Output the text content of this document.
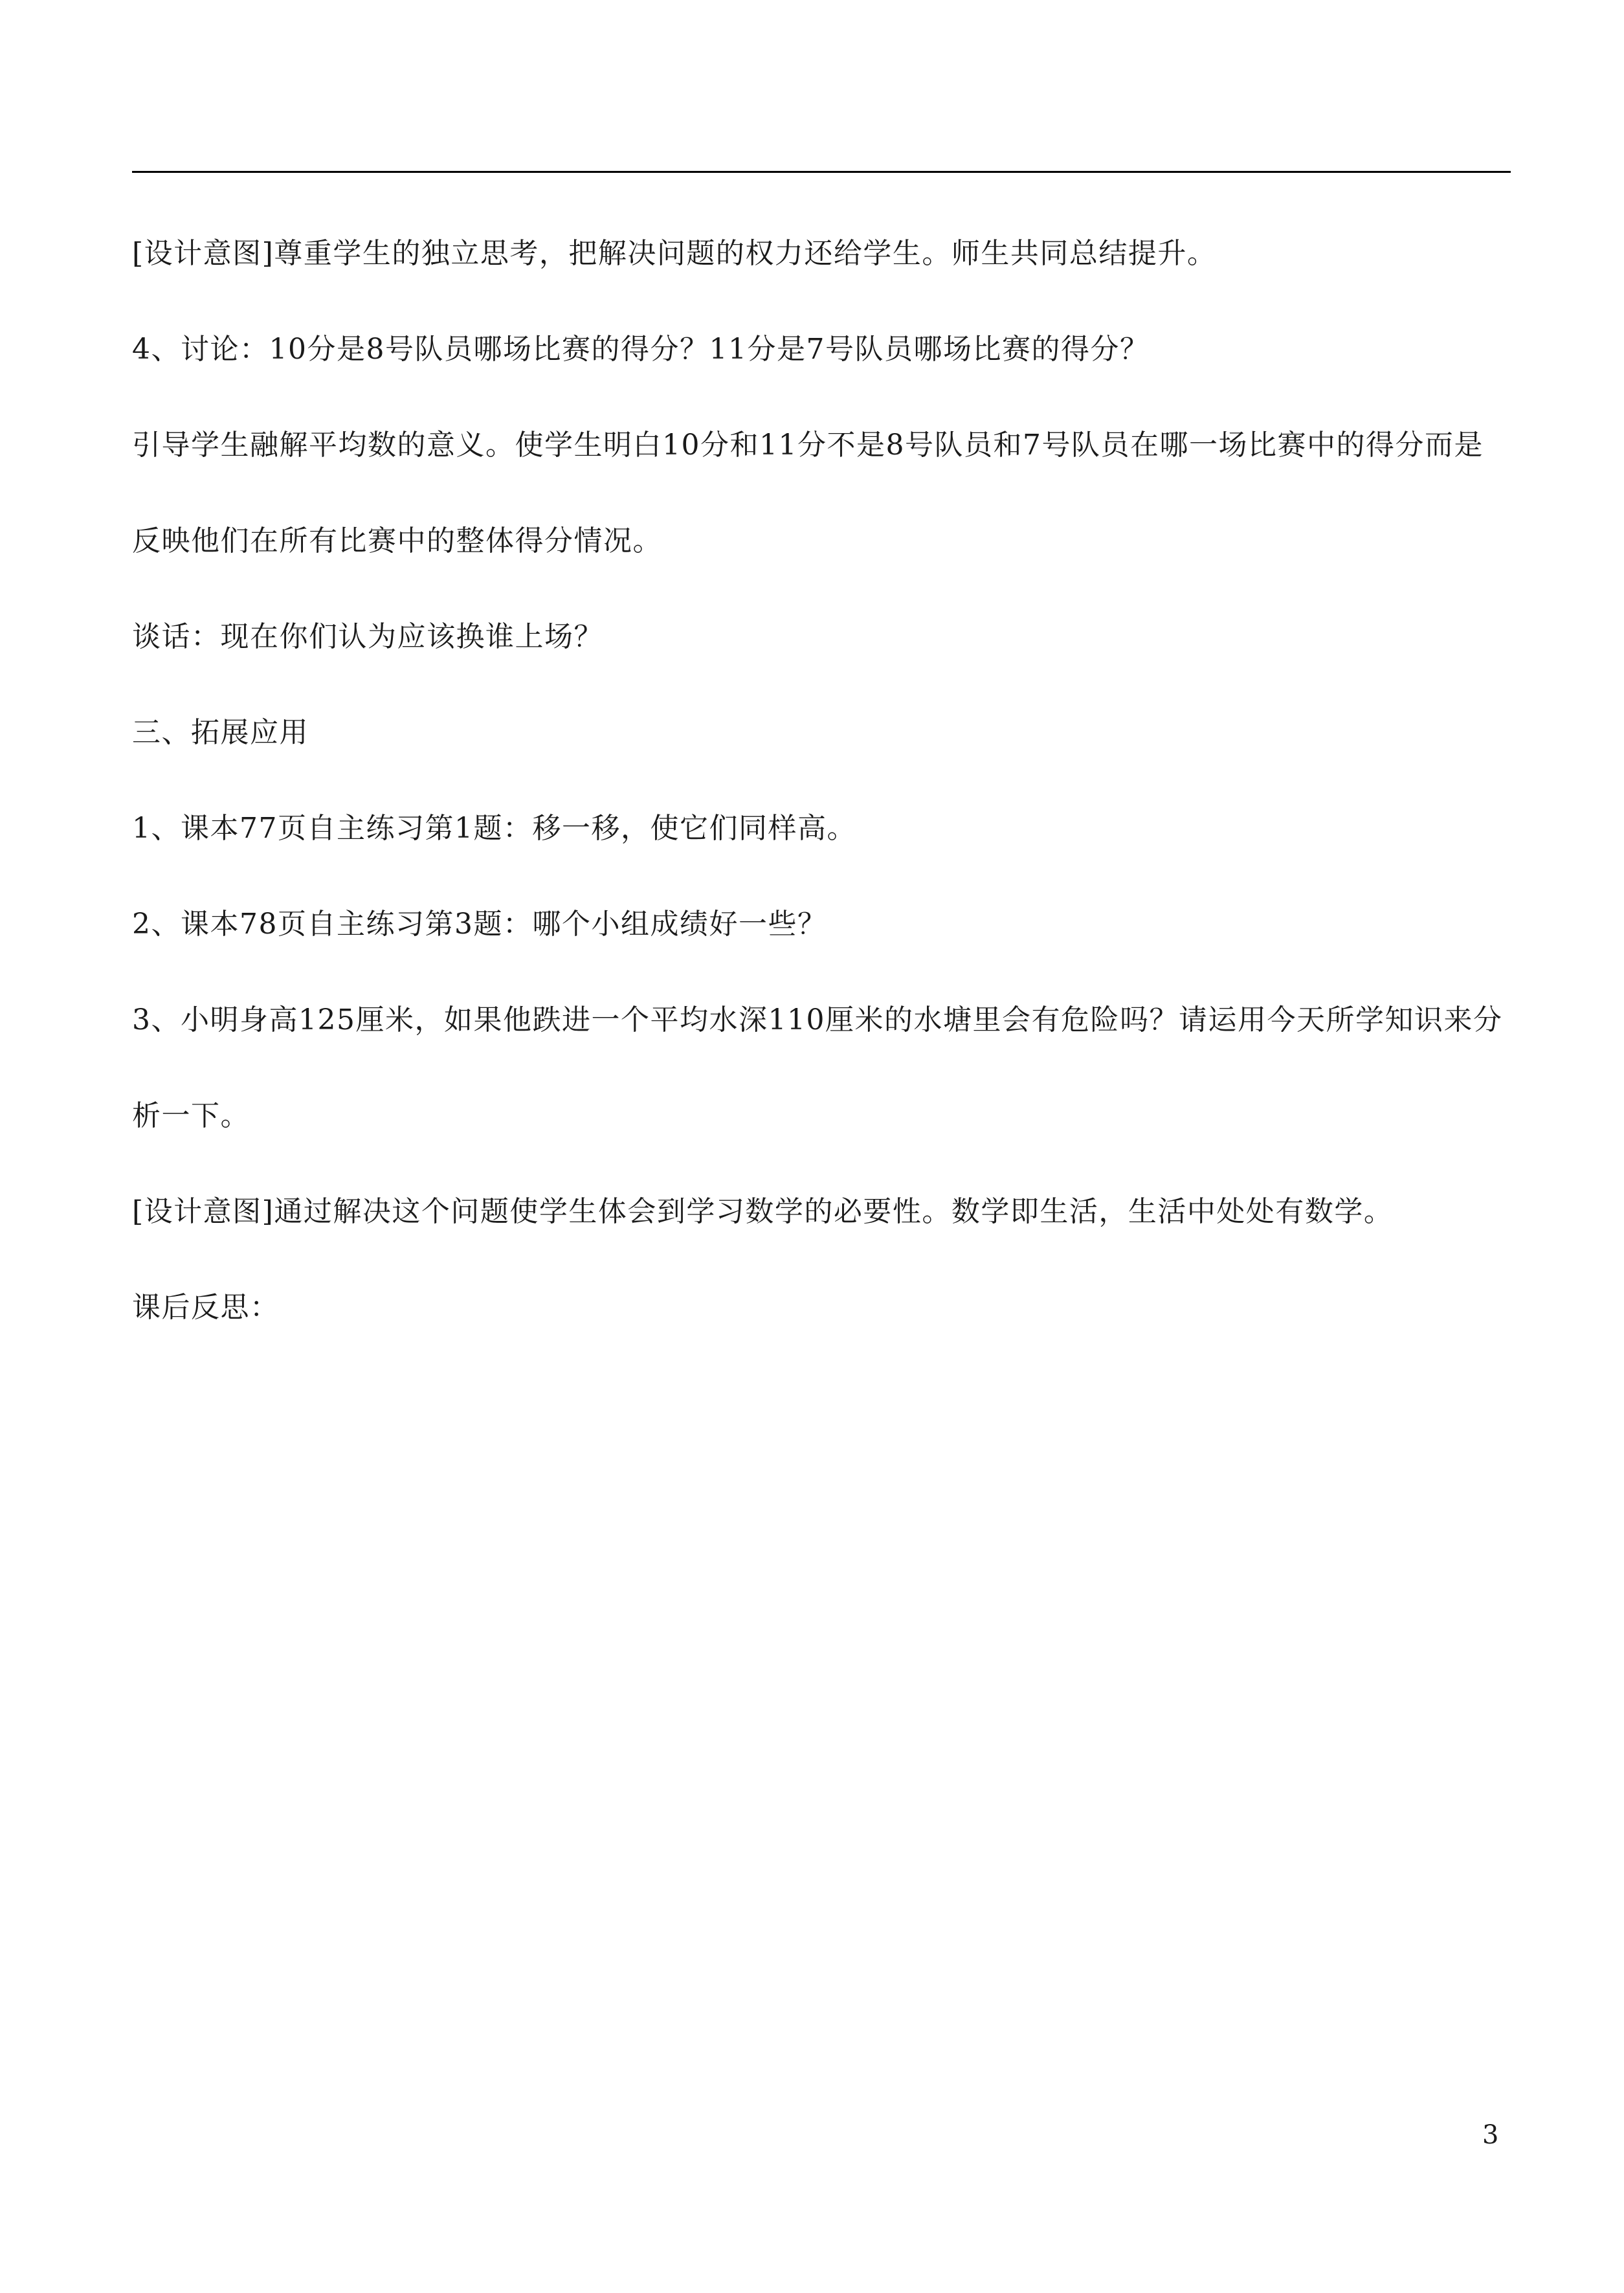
[设计意图]尊重学生的独立思考，把解决问题的权力还给学生。师生共同总结提升。

4、讨论：10分是8号队员哪场比赛的得分？11分是7号队员哪场比赛的得分？

引导学生融解平均数的意义。使学生明白10分和11分不是8号队员和7号队员在哪一场比赛中的得分而是反映他们在所有比赛中的整体得分情况。

谈话：现在你们认为应该换谁上场？

三、拓展应用

1、课本77页自主练习第1题：移一移，使它们同样高。

2、课本78页自主练习第3题：哪个小组成绩好一些？

3、小明身高125厘米，如果他跌进一个平均水深110厘米的水塘里会有危险吗？请运用今天所学知识来分析一下。

[设计意图]通过解决这个问题使学生体会到学习数学的必要性。数学即生活，生活中处处有数学。

课后反思：

3
